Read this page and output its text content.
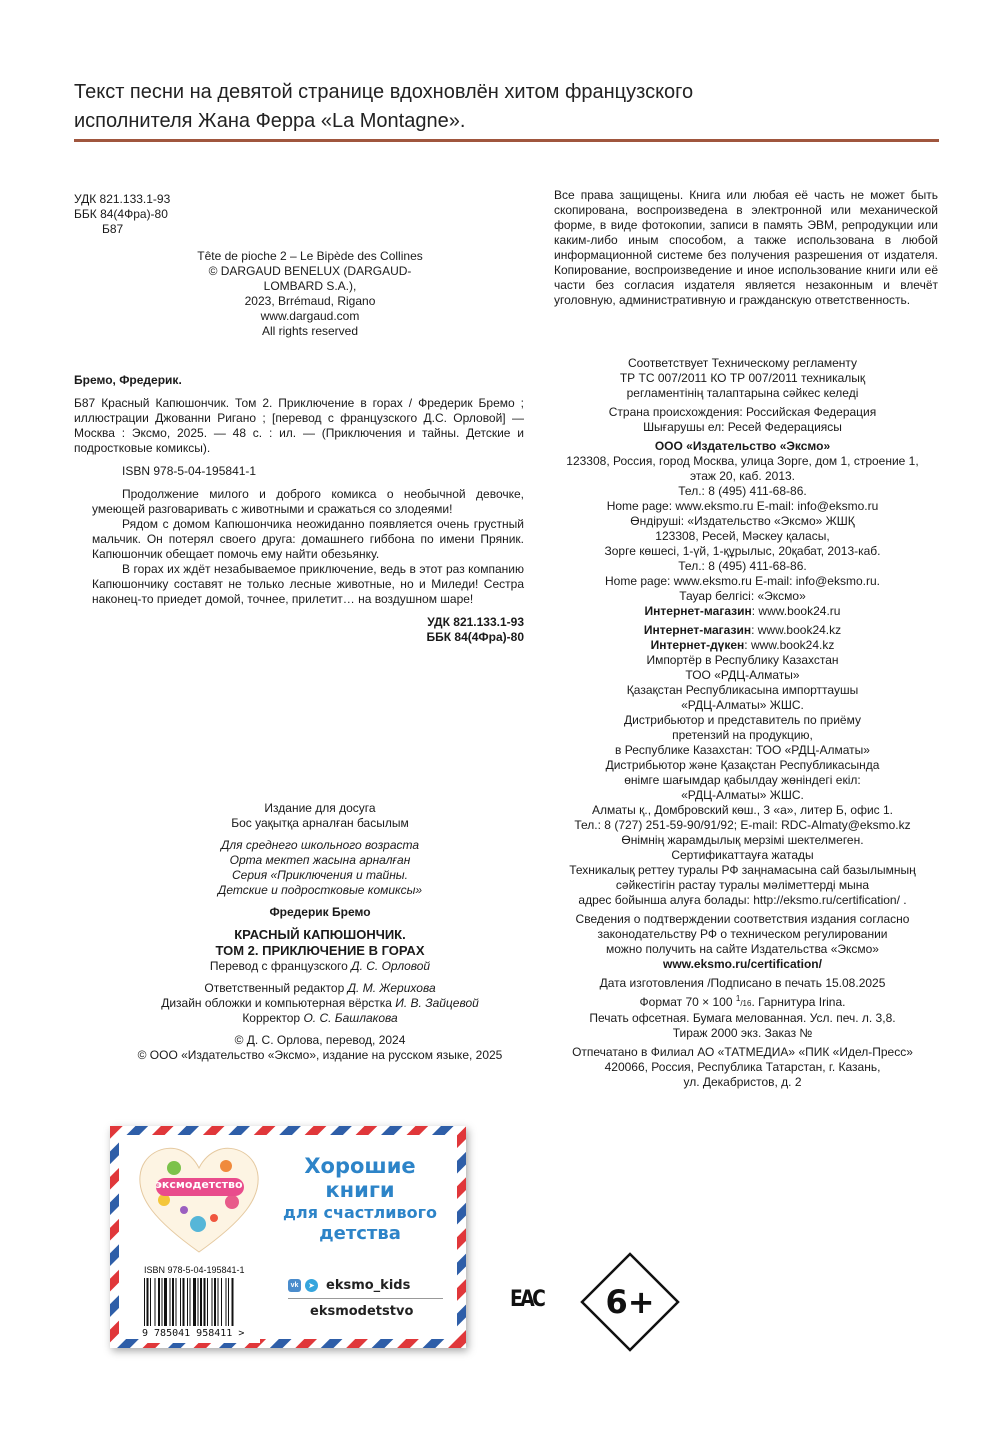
Текст песни на девятой странице вдохновлён хитом французского
исполнителя Жана Ферра «La Montagne».
УДК 821.133.1-93
ББК 84(4Фра)-80
Б87
Tête de pioche 2 – Le Bipède des Collines
© DARGAUD BENELUX (DARGAUD-LOMBARD S.A.),
2023, Brrémaud, Rigano
www.dargaud.com
All rights reserved
Все права защищены. Книга или любая её часть не может быть скопирована, воспроизведена в электронной или механической форме, в виде фотокопии, записи в память ЭВМ, репродукции или каким-либо иным способом, а также использована в любой информационной системе без получения разрешения от издателя. Копирование, воспроизведение и иное использование книги или её части без согласия издателя является незаконным и влечёт уголовную, административную и гражданскую ответственность.

Бремо, Фредерик.

Б87 Красный Капюшончик. Том 2. Приключение в горах / Фредерик Бремо ; иллюстрации Джованни Ригано ; [перевод с французского Д.С. Орловой] — Москва : Эксмо, 2025. — 48 с. : ил. — (Приключения и тайны. Детские и подростковые комиксы).

ISBN 978-5-04-195841-1

Продолжение милого и доброго комикса о необычной девочке, умеющей разговаривать с животными и сражаться со злодеями!

Рядом с домом Капюшончика неожиданно появляется очень грустный мальчик. Он потерял своего друга: домашнего гиббона по имени Пряник. Капюшончик обещает помочь ему найти обезьянку.

В горах их ждёт незабываемое приключение, ведь в этот раз компанию Капюшончику составят не только лесные животные, но и Миледи! Сестра наконец-то приедет домой, точнее, прилетит… на воздушном шаре!

УДК 821.133.1-93

ББК 84(4Фра)-80

Соответствует Техническому регламенту
ТР ТС 007/2011 КО ТР 007/2011 техникалық
регламентінің талаптарына сәйкес келеді
Страна происхождения: Российская Федерация
Шығарушы ел: Ресей Федерациясы
ООО «Издательство «Эксмо»
123308, Россия, город Москва, улица Зорге, дом 1, строение 1,
этаж 20, каб. 2013.
Тел.: 8 (495) 411-68-86.
Home page: www.eksmo.ru E-mail: info@eksmo.ru
Өндіруші: «Издательство «Эксмо» ЖШҚ
123308, Ресей, Мәскеу қаласы,
Зорге көшесі, 1-үй, 1-құрылыс, 20қабат, 2013-каб.
Тел.: 8 (495) 411-68-86.
Home page: www.eksmo.ru E-mail: info@eksmo.ru.
Тауар белгісі: «Эксмо»
Интернет-магазин: www.book24.ru
Интернет-магазин: www.book24.kz
Интернет-дүкен: www.book24.kz
Импортёр в Республику Казахстан
ТОО «РДЦ-Алматы»
Қазақстан Республикасына импорттаушы
«РДЦ-Алматы» ЖШС.
Дистрибьютор и представитель по приёму
претензий на продукцию,
в Республике Казахстан: ТОО «РДЦ-Алматы»
Дистрибьютор және Қазақстан Республикасында
өнімге шағымдар қабылдау жөніндегі екіл:
«РДЦ-Алматы» ЖШС.
Алматы қ., Домбровский көш., 3 «а», литер Б, офис 1.
Тел.: 8 (727) 251-59-90/91/92; E-mail: RDC-Almaty@eksmo.kz
Өнімнің жарамдылық мерзімі шектелмеген.
Сертификаттауға жатады
Техникалық реттеу туралы РФ заңнамасына сай базылымның
сәйкестігін растау туралы мәліметтерді мына
адрес бойынша алуға болады: http://eksmo.ru/certification/ .
Сведения о подтверждении соответствия издания согласно
законодательству РФ о техническом регулировании
можно получить на сайте Издательства «Эксмо»
www.eksmo.ru/certification/
Дата изготовления /Подписано в печать 15.08.2025
Формат 70 × 100 $^1$/16. Гарнитура Irina.
Печать офсетная. Бумага мелованная. Усл. печ. л. 3,8.
Тираж 2000 экз. Заказ №
Отпечатано в Филиал АО «ТАТМЕДИА» «ПИК «Идел-Пресс»
420066, Россия, Республика Татарстан, г. Казань,
ул. Декабристов, д. 2
Издание для досуга
Бос уақытқа арналған басылым
Для среднего школьного возраста
Орта мектеп жасына арналған
Серия «Приключения и тайны.
Детские и подростковые комиксы»
Фредерик Бремо
КРАСНЫЙ КАПЮШОНЧИК.
ТОМ 2. ПРИКЛЮЧЕНИЕ В ГОРАХ
Перевод с французского Д. С. Орловой
Ответственный редактор Д. М. Жерихова
Дизайн обложки и компьютерная вёрстка И. В. Зайцевой
Корректор О. С. Башлакова
© Д. С. Орлова, перевод, 2024
© ООО «Издательство «Эксмо», издание на русском языке, 2025
эксмодетство
Хорошие
книги
для счастливого
детства
vk	➤ eksmo_kids
eksmodetstvo
ISBN 978-5-04-195841-1
9 785041 958411 >
EAC	6+
